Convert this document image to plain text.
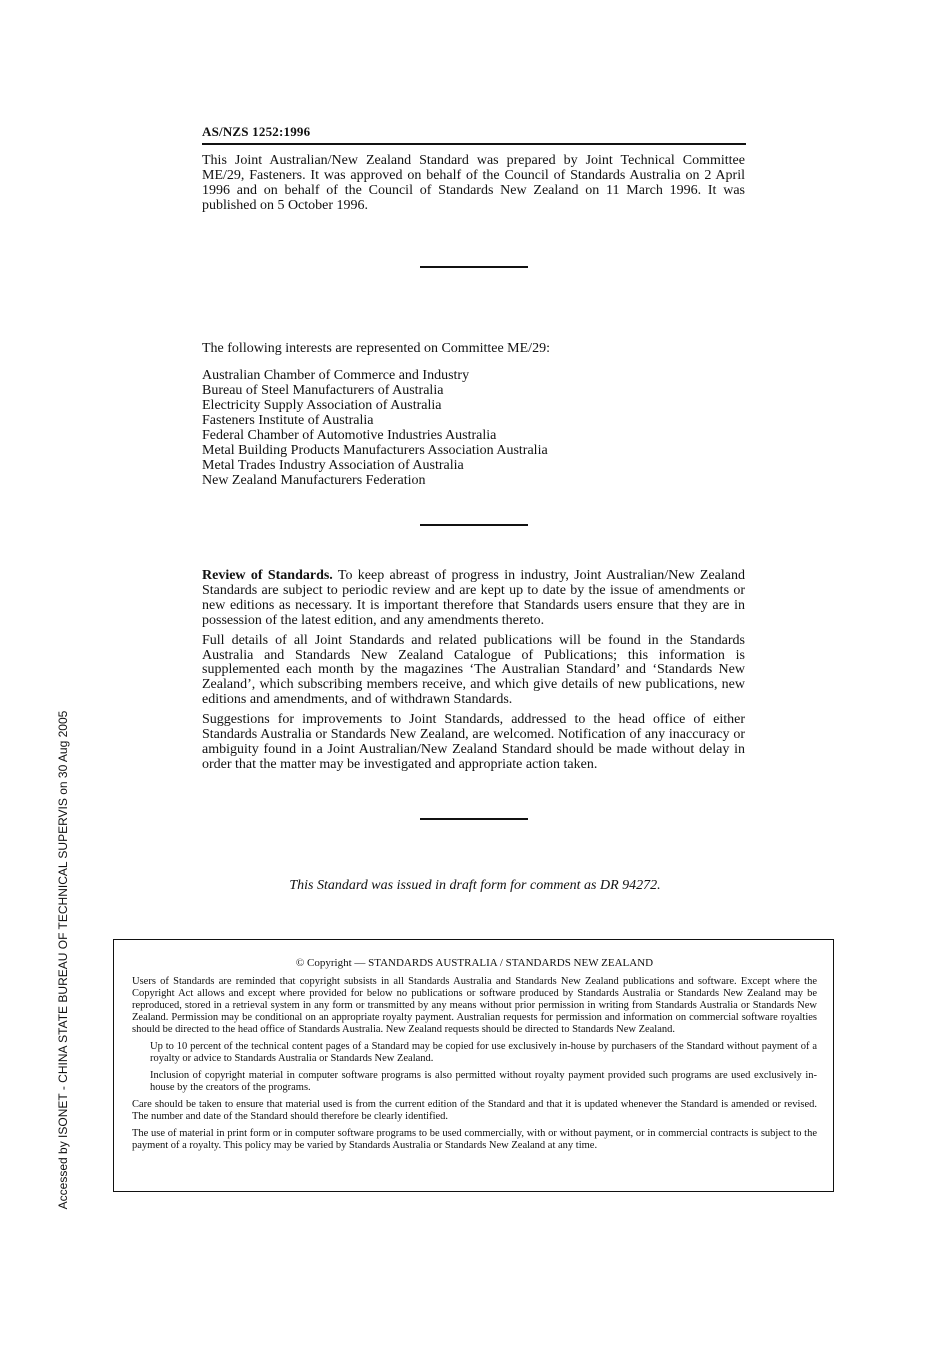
AS/NZS 1252:1996

This Joint Australian/New Zealand Standard was prepared by Joint Technical Committee ME/29, Fasteners. It was approved on behalf of the Council of Standards Australia on 2 April 1996 and on behalf of the Council of Standards New Zealand on 11 March 1996. It was published on 5 October 1996.

The following interests are represented on Committee ME/29:

Australian Chamber of Commerce and Industry
Bureau of Steel Manufacturers of Australia
Electricity Supply Association of Australia
Fasteners Institute of Australia
Federal Chamber of Automotive Industries Australia
Metal Building Products Manufacturers Association Australia
Metal Trades Industry Association of Australia
New Zealand Manufacturers Federation

Review of Standards. To keep abreast of progress in industry, Joint Australian/New Zealand Standards are subject to periodic review and are kept up to date by the issue of amendments or new editions as necessary. It is important therefore that Standards users ensure that they are in possession of the latest edition, and any amendments thereto.

Full details of all Joint Standards and related publications will be found in the Standards Australia and Standards New Zealand Catalogue of Publications; this information is supplemented each month by the magazines ‘The Australian Standard’ and ‘Standards New Zealand’, which subscribing members receive, and which give details of new publications, new editions and amendments, and of withdrawn Standards.

Suggestions for improvements to Joint Standards, addressed to the head office of either Standards Australia or Standards New Zealand, are welcomed. Notification of any inaccuracy or ambiguity found in a Joint Australian/New Zealand Standard should be made without delay in order that the matter may be investigated and appropriate action taken.

This Standard was issued in draft form for comment as DR 94272.
© Copyright — STANDARDS AUSTRALIA / STANDARDS NEW ZEALAND

Users of Standards are reminded that copyright subsists in all Standards Australia and Standards New Zealand publications and software. Except where the Copyright Act allows and except where provided for below no publications or software produced by Standards Australia or Standards New Zealand may be reproduced, stored in a retrieval system in any form or transmitted by any means without prior permission in writing from Standards Australia or Standards New Zealand. Permission may be conditional on an appropriate royalty payment. Australian requests for permission and information on commercial software royalties should be directed to the head office of Standards Australia. New Zealand requests should be directed to Standards New Zealand.

Up to 10 percent of the technical content pages of a Standard may be copied for use exclusively in-house by purchasers of the Standard without payment of a royalty or advice to Standards Australia or Standards New Zealand.

Inclusion of copyright material in computer software programs is also permitted without royalty payment provided such programs are used exclusively in-house by the creators of the programs.

Care should be taken to ensure that material used is from the current edition of the Standard and that it is updated whenever the Standard is amended or revised. The number and date of the Standard should therefore be clearly identified.

The use of material in print form or in computer software programs to be used commercially, with or without payment, or in commercial contracts is subject to the payment of a royalty. This policy may be varied by Standards Australia or Standards New Zealand at any time.

Accessed by ISONET - CHINA STATE BUREAU OF TECHNICAL SUPERVIS on 30 Aug 2005
